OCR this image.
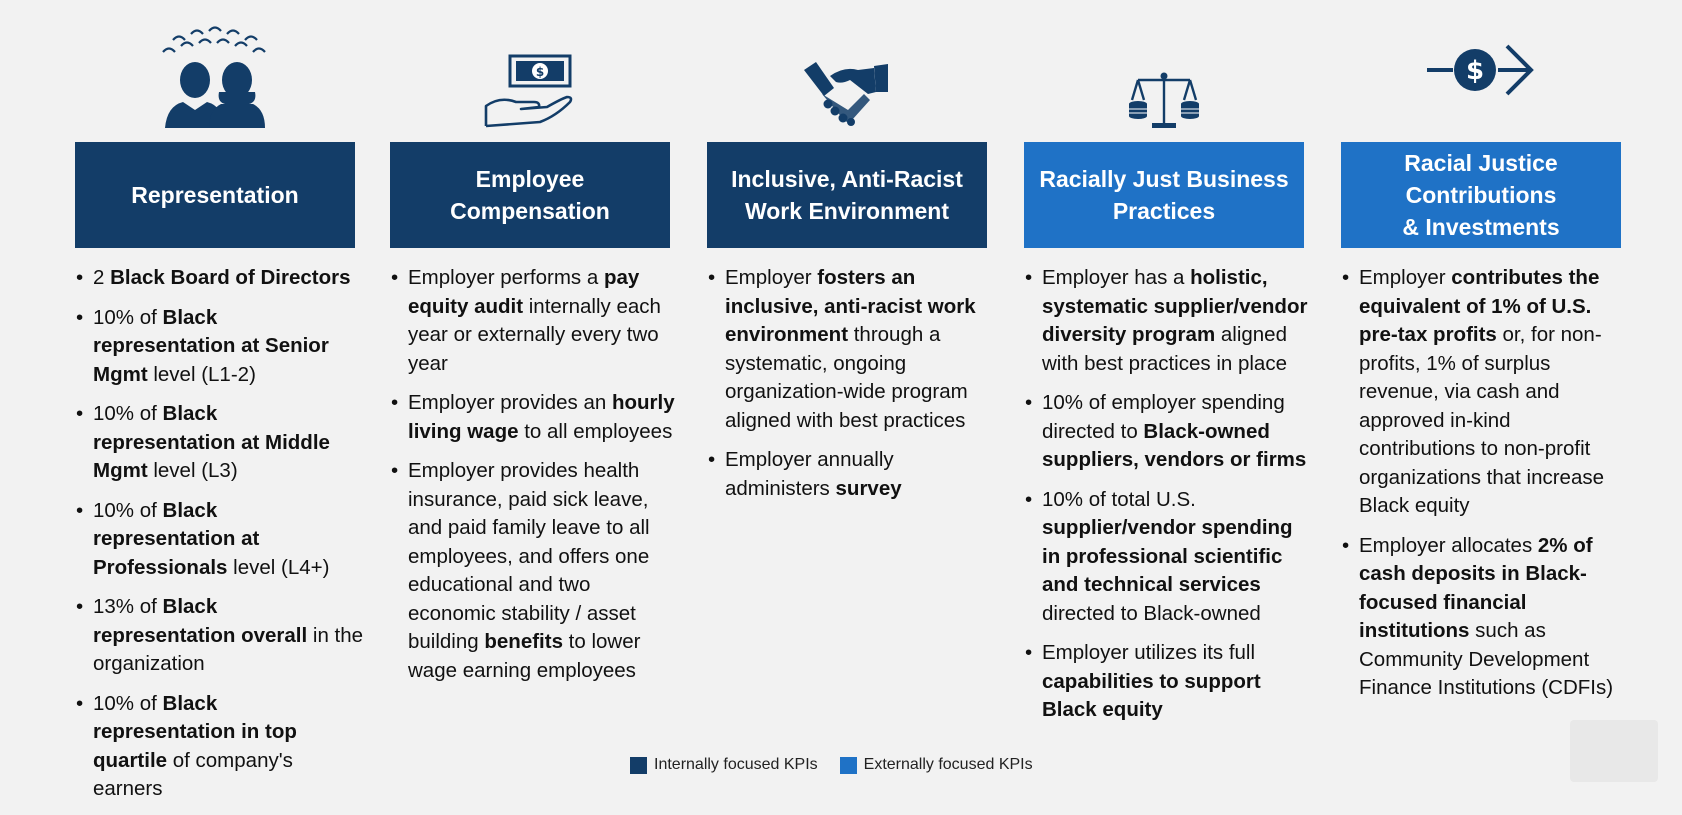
Representation
• 2 Black Board of Directors
• 10% of Black representation at Senior Mgmt level (L1-2)
• 10% of Black representation at Middle Mgmt level (L3)
• 10% of Black representation at Professionals level (L4+)
• 13% of Black representation overall in the organization
• 10% of Black representation in top quartile of company's earners
$
Employee
Compensation
• Employer performs a pay equity audit internally each year or externally every two year
• Employer provides an hourly living wage to all employees
• Employer provides health insurance, paid sick leave, and paid family leave to all employees, and offers one educational and two economic stability / asset building benefits to lower wage earning employees
Inclusive, Anti-Racist
Work Environment
• Employer fosters an inclusive, anti-racist work environment through a systematic, ongoing organization-wide program aligned with best practices
• Employer annually administers survey
Racially Just Business
Practices
• Employer has a holistic, systematic supplier/vendor diversity program aligned with best practices in place
• 10% of employer spending directed to Black-owned suppliers, vendors or firms
• 10% of total U.S. supplier/vendor spending in professional scientific and technical services directed to Black-owned
• Employer utilizes its full capabilities to support Black equity
$
Racial Justice
Contributions
& Investments
• Employer contributes the equivalent of 1% of U.S. pre-tax profits or, for non-profits, 1% of surplus revenue, via cash and approved in-kind contributions to non-profit organizations that increase Black equity
• Employer allocates 2% of cash deposits in Black-focused financial institutions such as Community Development Finance Institutions (CDFIs)
Internally focused KPIs	Externally focused KPIs
